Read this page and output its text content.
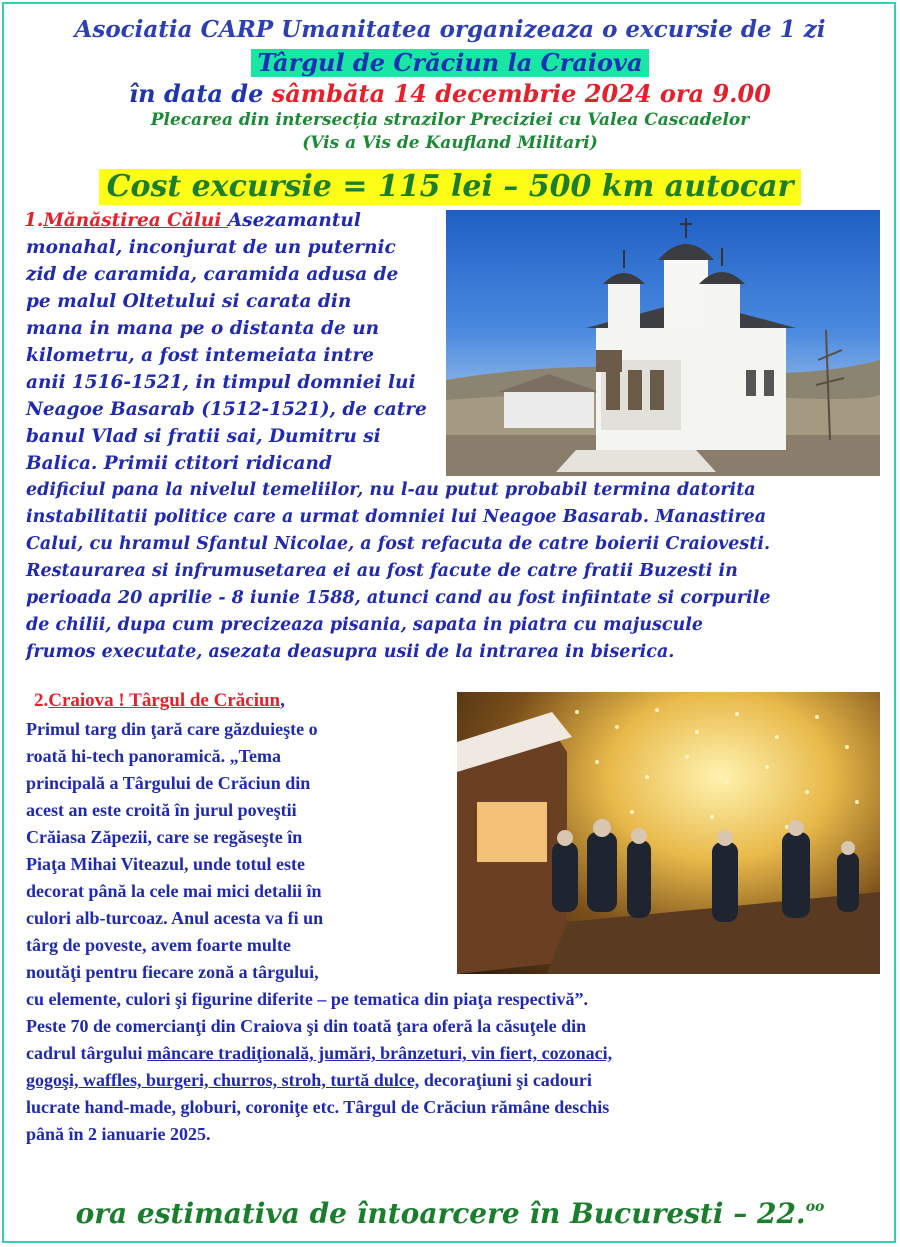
Asociatia CARP Umanitatea organizeaza o excursie de 1 zi
Târgul de Crăciun la Craiova
în data de sâmbăta 14 decembrie 2024 ora 9.00
Plecarea din intersecția strazilor Preciziei cu Valea Cascadelor
(Vis a Vis de Kaufland Militari)
Cost excursie = 115 lei – 500 km autocar
1.Mănăstirea Călui Asezamantul
monahal, inconjurat de un puternic
zid de caramida, caramida adusa de
pe malul Oltetului si carata din
mana in mana pe o distanta de un
kilometru, a fost intemeiata intre
anii 1516-1521, in timpul domniei lui
Neagoe Basarab (1512-1521), de catre
banul Vlad si fratii sai, Dumitru si
Balica. Primii ctitori ridicand
edificiul pana la nivelul temeliilor, nu l-au putut probabil termina datorita
instabilitatii politice care a urmat domniei lui Neagoe Basarab. Manastirea
Calui, cu hramul Sfantul Nicolae, a fost refacuta de catre boierii Craiovesti.
Restaurarea si infrumusetarea ei au fost facute de catre fratii Buzesti in
perioada 20 aprilie - 8 iunie 1588, atunci cand au fost infiintate si corpurile
de chilii, dupa cum precizeaza pisania, sapata in piatra cu majuscule
frumos executate, asezata deasupra usii de la intrarea in biserica.
2.Craiova ! Târgul de Crăciun,
Primul targ din ţară care găzduieşte o
roată hi-tech panoramică. „Tema
principală a Târgului de Crăciun din
acest an este croită în jurul poveştii
Crăiasa Zăpezii, care se regăseşte în
Piaţa Mihai Viteazul, unde totul este
decorat până la cele mai mici detalii în
culori alb-turcoaz. Anul acesta va fi un
târg de poveste, avem foarte multe
noutăţi pentru fiecare zonă a târgului,
cu elemente, culori şi figurine diferite – pe tematica din piaţa respectivă”.
Peste 70 de comercianţi din Craiova şi din toată ţara oferă la căsuţele din
cadrul târgului mâncare tradiţională, jumări, brânzeturi, vin fiert, cozonaci,
gogoşi, waffles, burgeri, churros, stroh, turtă dulce, decoraţiuni şi cadouri
lucrate hand-made, globuri, coroniţe etc. Târgul de Crăciun rămâne deschis
până în 2 ianuarie 2025.
ora estimativa de întoarcere în Bucuresti – 22.$^{oo}$
